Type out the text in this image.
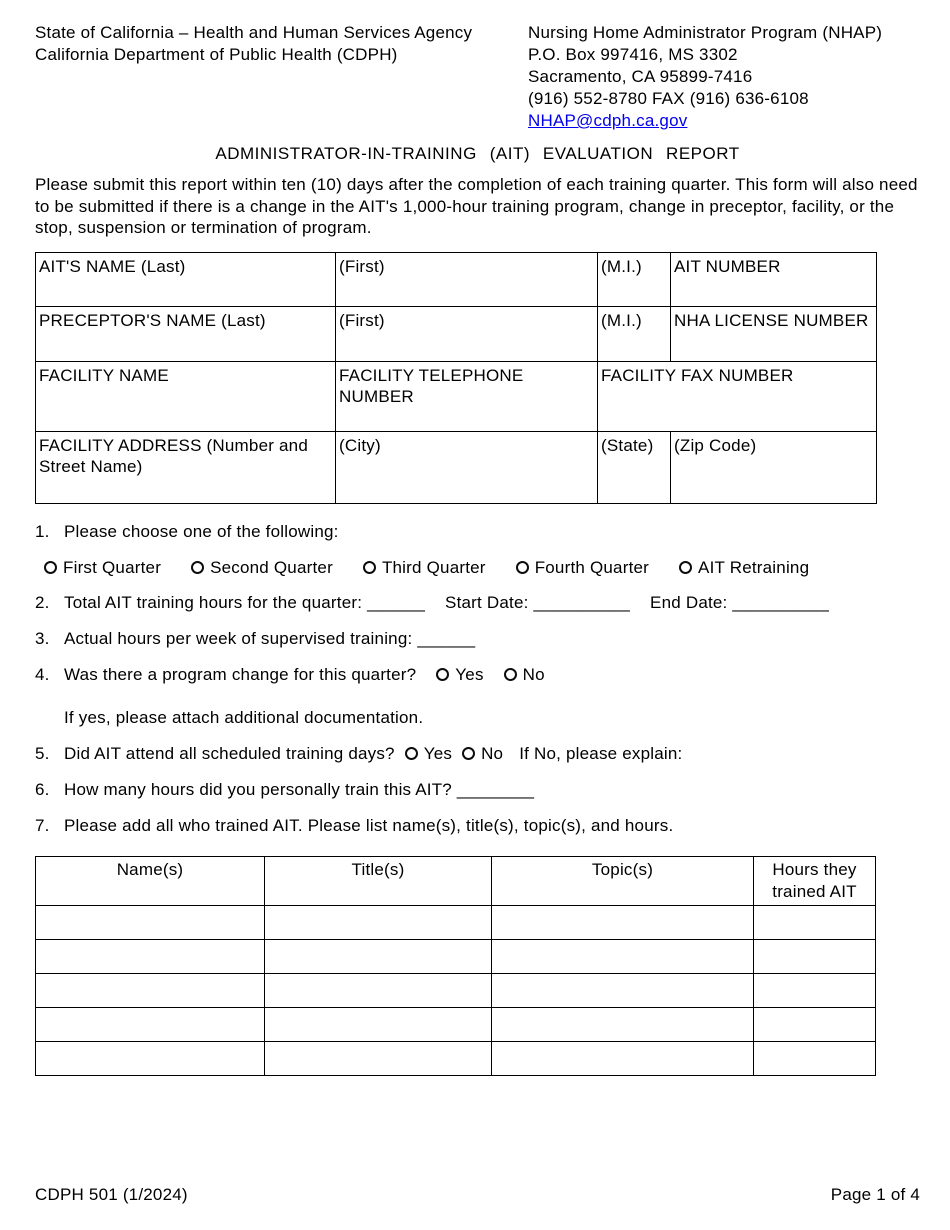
State of California – Health and Human Services Agency
California Department of Public Health (CDPH)
Nursing Home Administrator Program (NHAP)
P.O. Box 997416, MS 3302
Sacramento, CA 95899-7416
(916) 552-8780 FAX (916) 636-6108
NHAP@cdph.ca.gov
ADMINISTRATOR-IN-TRAINING (AIT) EVALUATION REPORT
Please submit this report within ten (10) days after the completion of each training quarter. This form will also need to be submitted if there is a change in the AIT's 1,000-hour training program, change in preceptor, facility, or the stop, suspension or termination of program.
AIT'S NAME (Last)	(First)	(M.I.)	AIT NUMBER
PRECEPTOR'S NAME (Last)	(First)	(M.I.)	NHA LICENSE NUMBER
FACILITY NAME	FACILITY TELEPHONE NUMBER	FACILITY FAX NUMBER	
FACILITY ADDRESS (Number and Street Name)	(City)	(State)	(Zip Code)
1. Please choose one of the following:
First Quarter	Second Quarter	Third Quarter	Fourth Quarter	AIT Retraining
2. Total AIT training hours for the quarter: ______ Start Date: __________ End Date: __________
3. Actual hours per week of supervised training: ______
4. Was there a program change for this quarter? Yes No
If yes, please attach additional documentation.
5. Did AIT attend all scheduled training days? Yes No If No, please explain:
6. How many hours did you personally train this AIT? ________
7. Please add all who trained AIT. Please list name(s), title(s), topic(s), and hours.
Name(s)	Title(s)	Topic(s)	Hours they trained AIT

CDPH 501 (1/2024)	Page 1 of 4
